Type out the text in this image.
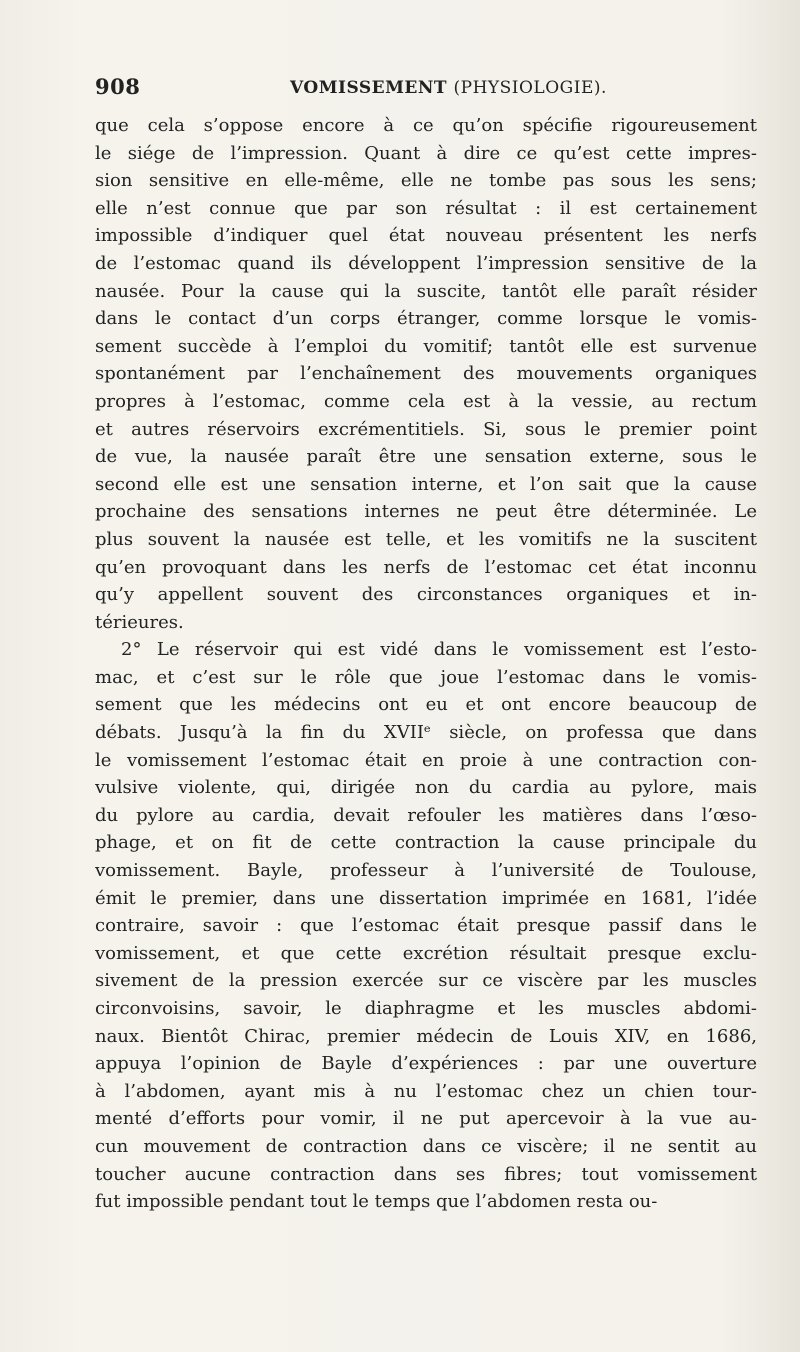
908	VOMISSEMENT (PHYSIOLOGIE).
que cela s’oppose encore à ce qu’on spécifie rigoureusement
le siége de l’impression. Quant à dire ce qu’est cette impres-
sion sensitive en elle-même, elle ne tombe pas sous les sens;
elle n’est connue que par son résultat : il est certainement
impossible d’indiquer quel état nouveau présentent les nerfs
de l’estomac quand ils développent l’impression sensitive de la
nausée. Pour la cause qui la suscite, tantôt elle paraît résider
dans le contact d’un corps étranger, comme lorsque le vomis-
sement succède à l’emploi du vomitif; tantôt elle est survenue
spontanément par l’enchaînement des mouvements organiques
propres à l’estomac, comme cela est à la vessie, au rectum
et autres réservoirs excrémentitiels. Si, sous le premier point
de vue, la nausée paraît être une sensation externe, sous le
second elle est une sensation interne, et l’on sait que la cause
prochaine des sensations internes ne peut être déterminée. Le
plus souvent la nausée est telle, et les vomitifs ne la suscitent
qu’en provoquant dans les nerfs de l’estomac cet état inconnu
qu’y appellent souvent des circonstances organiques et in-
térieures.
2° Le réservoir qui est vidé dans le vomissement est l’esto-
mac, et c’est sur le rôle que joue l’estomac dans le vomis-
sement que les médecins ont eu et ont encore beaucoup de
débats. Jusqu’à la fin du XVIIᵉ siècle, on professa que dans
le vomissement l’estomac était en proie à une contraction con-
vulsive violente, qui, dirigée non du cardia au pylore, mais
du pylore au cardia, devait refouler les matières dans l’œso-
phage, et on fit de cette contraction la cause principale du
vomissement. Bayle, professeur à l’université de Toulouse,
émit le premier, dans une dissertation imprimée en 1681, l’idée
contraire, savoir : que l’estomac était presque passif dans le
vomissement, et que cette excrétion résultait presque exclu-
sivement de la pression exercée sur ce viscère par les muscles
circonvoisins, savoir, le diaphragme et les muscles abdomi-
naux. Bientôt Chirac, premier médecin de Louis XIV, en 1686,
appuya l’opinion de Bayle d’expériences : par une ouverture
à l’abdomen, ayant mis à nu l’estomac chez un chien tour-
menté d’efforts pour vomir, il ne put apercevoir à la vue au-
cun mouvement de contraction dans ce viscère; il ne sentit au
toucher aucune contraction dans ses fibres; tout vomissement
fut impossible pendant tout le temps que l’abdomen resta ou-
